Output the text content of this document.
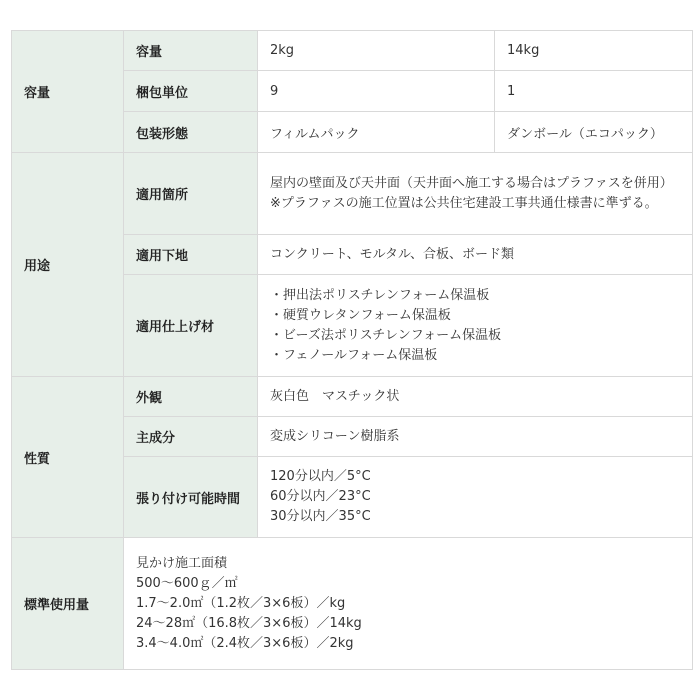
容量	容量	2kg	14kg
	梱包単位	9	1
	包装形態	フィルムパック	ダンボール（エコパック）
用途	適用箇所	屋内の壁面及び天井面（天井面へ施工する場合はプラファスを併用）
※プラファスの施工位置は公共住宅建設工事共通仕様書に準ずる。	

	適用下地	コンクリート、モルタル、合板、ボード類	

	適用仕上げ材	・押出法ポリスチレンフォーム保温板
・硬質ウレタンフォーム保温板
・ビーズ法ポリスチレンフォーム保温板
・フェノールフォーム保温板	

性質	外観	灰白色　マスチック状	

	主成分	変成シリコーン樹脂系	

	張り付け可能時間	120分以内／5°C
60分以内／23°C
30分以内／35°C	

標準使用量	見かけ施工面積
500〜600ｇ／㎡
1.7〜2.0㎡（1.2枚／3×6板）／kg
24〜28㎡（16.8枚／3×6板）／14kg
3.4〜4.0㎡（2.4枚／3×6板）／2kg		
